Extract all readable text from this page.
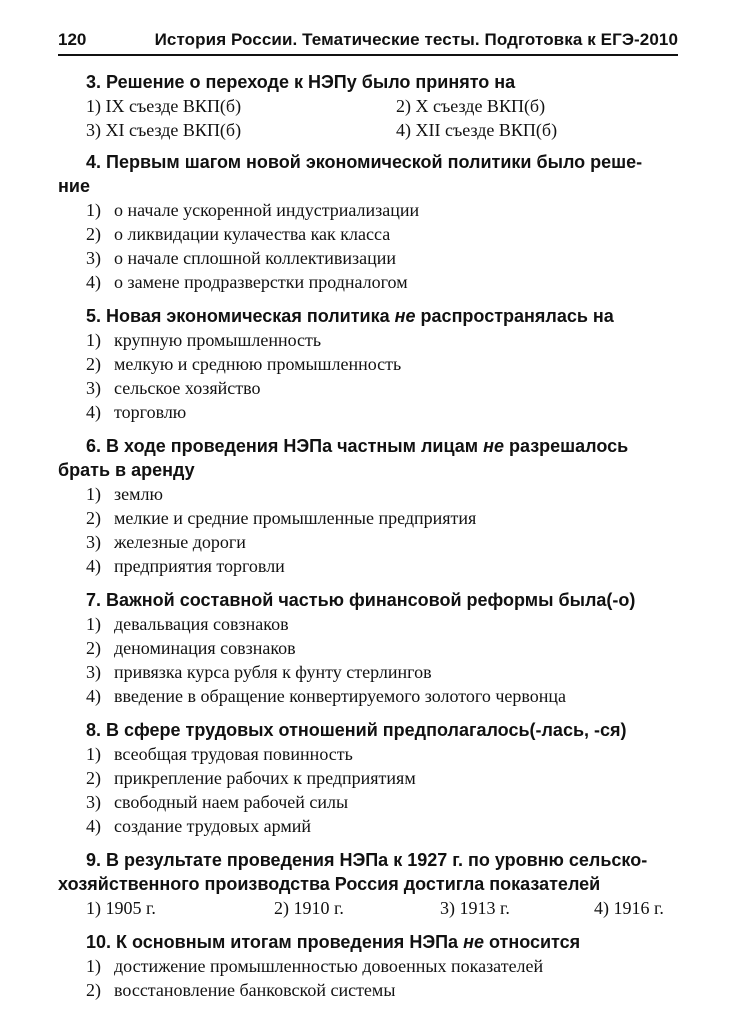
120	История России. Тематические тесты. Подготовка к ЕГЭ-2010
3. Решение о переходе к НЭПу было принято на
1) IX съезде ВКП(б)	2) X съезде ВКП(б)
3) XI съезде ВКП(б)	4) XII съезде ВКП(б)
4. Первым шагом новой экономической политики было реше-
ние
1) о начале ускоренной индустриализации
2) о ликвидации кулачества как класса
3) о начале сплошной коллективизации
4) о замене продразверстки продналогом
5. Новая экономическая политика не распространялась на
1) крупную промышленность
2) мелкую и среднюю промышленность
3) сельское хозяйство
4) торговлю
6. В ходе проведения НЭПа частным лицам не разрешалось
брать в аренду
1) землю
2) мелкие и средние промышленные предприятия
3) железные дороги
4) предприятия торговли
7. Важной составной частью финансовой реформы была(-о)
1) девальвация совзнаков
2) деноминация совзнаков
3) привязка курса рубля к фунту стерлингов
4) введение в обращение конвертируемого золотого червонца
8. В сфере трудовых отношений предполагалось(-лась, -ся)
1) всеобщая трудовая повинность
2) прикрепление рабочих к предприятиям
3) свободный наем рабочей силы
4) создание трудовых армий
9. В результате проведения НЭПа к 1927 г. по уровню сельско-
хозяйственного производства Россия достигла показателей
1) 1905 г.	2) 1910 г.	3) 1913 г.	4) 1916 г.
10. К основным итогам проведения НЭПа не относится
1) достижение промышленностью довоенных показателей
2) восстановление банковской системы
